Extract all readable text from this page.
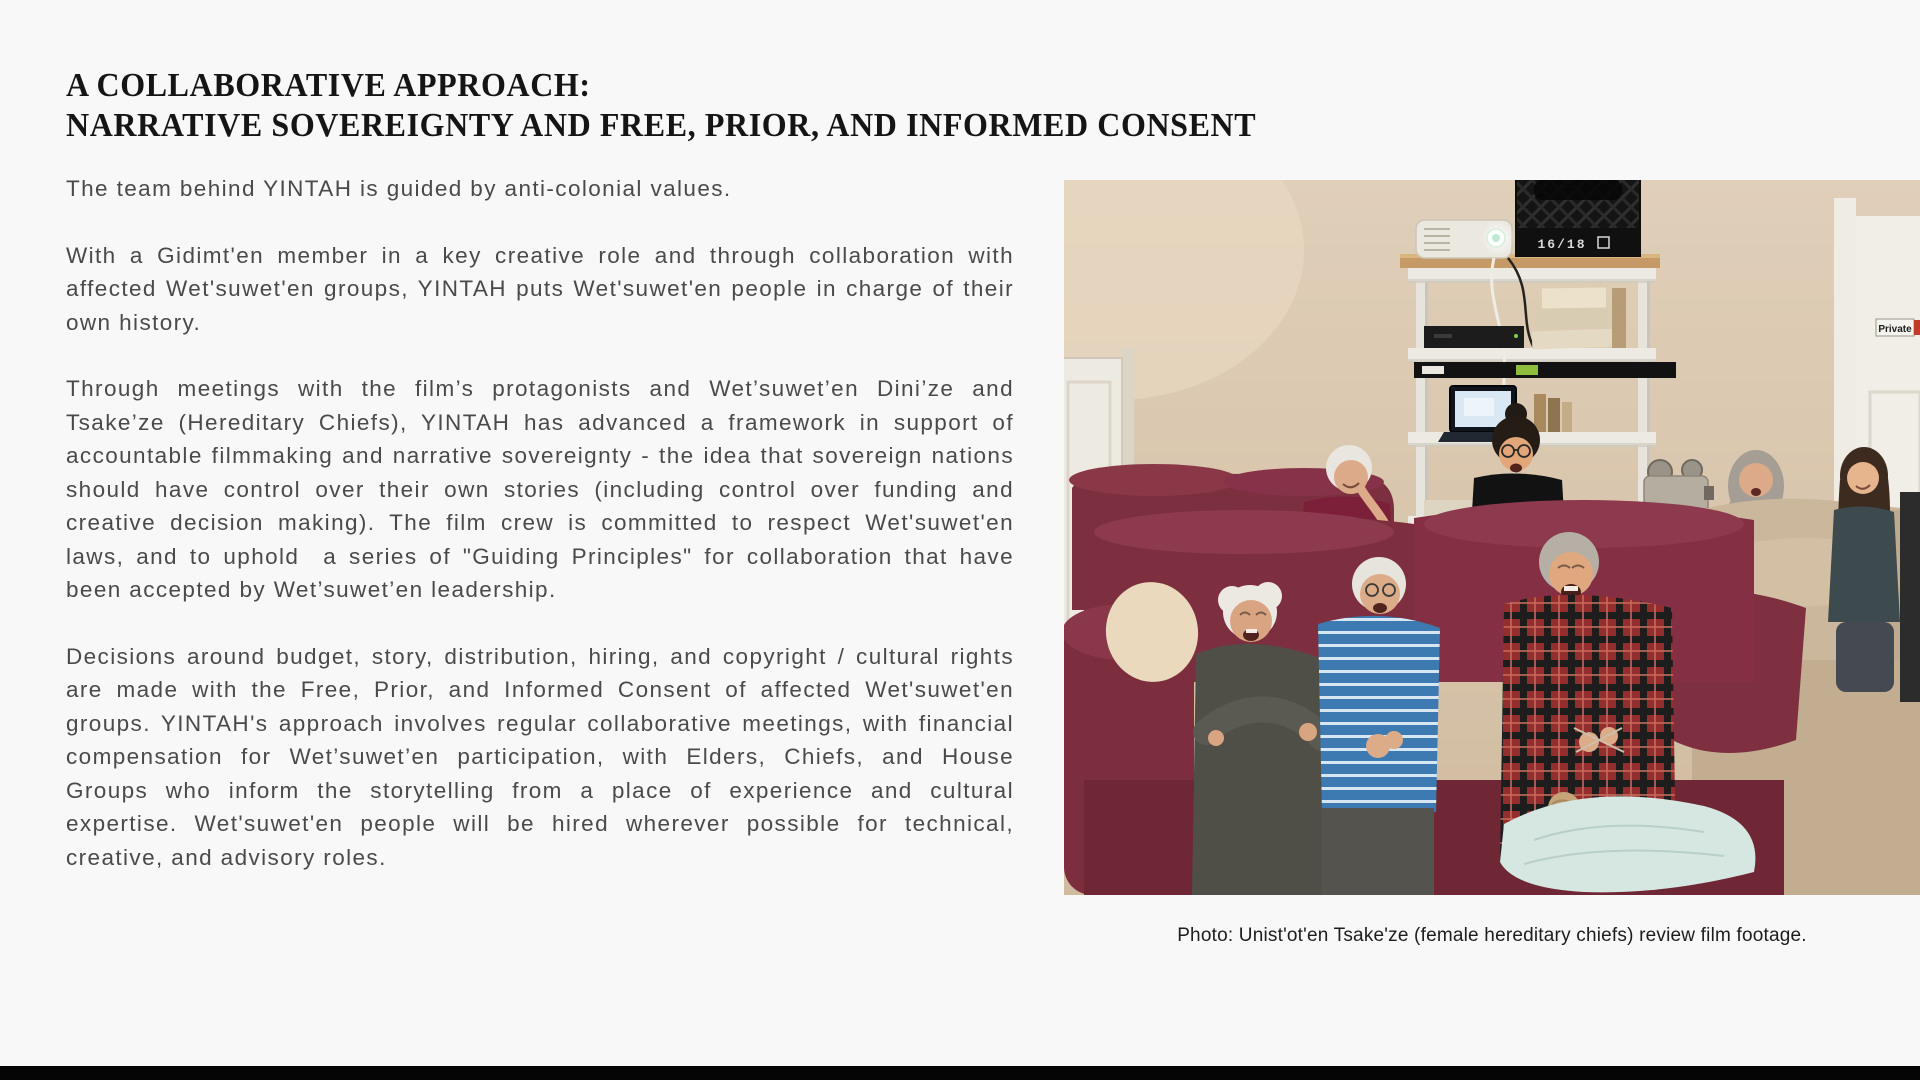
A COLLABORATIVE APPROACH:
NARRATIVE SOVEREIGNTY AND FREE, PRIOR, AND INFORMED CONSENT

The team behind YINTAH is guided by anti-colonial values.

With a Gidimt'en member in a key creative role and through collaboration with affected Wet'suwet'en groups, YINTAH puts Wet'suwet'en people in charge of their own history.

Through meetings with the film’s protagonists and Wet’suwet’en Dini’ze and Tsake’ze (Hereditary Chiefs), YINTAH has advanced a framework in support of accountable filmmaking and narrative sovereignty - the idea that sovereign nations should have control over their own stories (including control over funding and creative decision making). The film crew is committed to respect Wet'suwet'en laws, and to uphold  a series of "Guiding Principles" for collaboration that have been accepted by Wet’suwet’en leadership.

Decisions around budget, story, distribution, hiring, and copyright / cultural rights are made with the Free, Prior, and Informed Consent of affected Wet'suwet'en groups. YINTAH's approach involves regular collaborative meetings, with financial compensation for Wet’suwet’en participation, with Elders, Chiefs, and House Groups who inform the storytelling from a place of experience and cultural expertise. Wet'suwet'en people will be hired wherever possible for technical, creative, and advisory roles.

Private
16/18
Photo: Unist'ot'en Tsake'ze (female hereditary chiefs) review film footage.
